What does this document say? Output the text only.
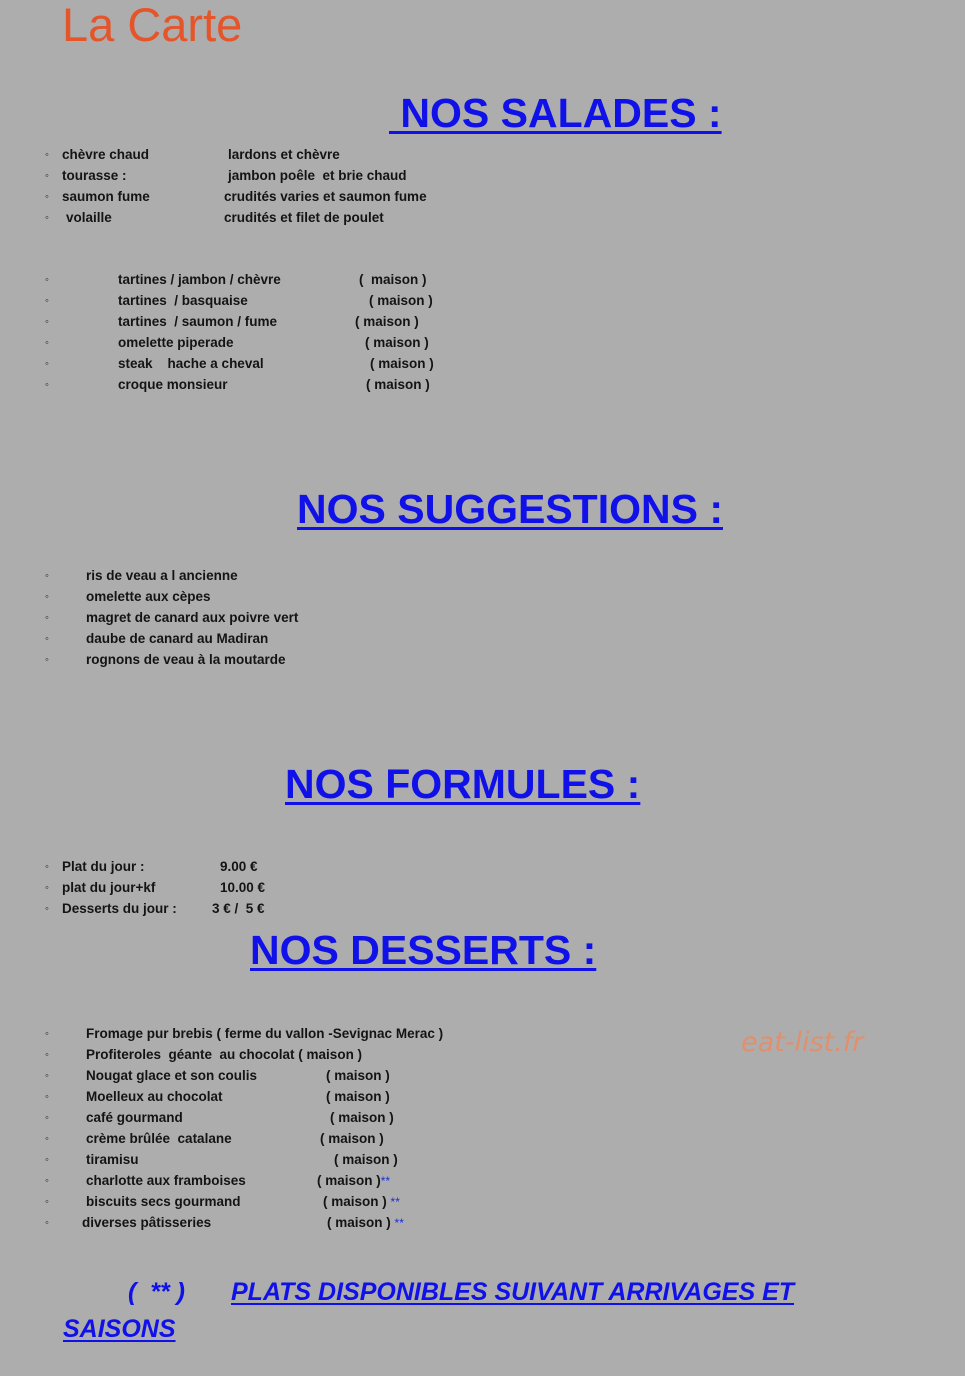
La Carte
NOS SALADES :
◦ chèvre chaud	lardons et chèvre
◦ tourasse :	jambon poêle  et brie chaud
◦ saumon fume	crudités varies et saumon fume
◦ volaille	crudités et filet de poulet
◦	tartines / jambon / chèvre	(  maison )
◦	tartines  / basquaise	( maison )
◦	tartines  / saumon / fume	( maison )
◦	omelette piperade	( maison )
◦	steak    hache a cheval	( maison )
◦	croque monsieur	( maison )
NOS SUGGESTIONS :
◦	ris de veau a l ancienne
◦	omelette aux cèpes
◦	magret de canard aux poivre vert
◦	daube de canard au Madiran
◦	rognons de veau à la moutarde
NOS FORMULES :
◦ Plat du jour :	9.00 €
◦ plat du jour+kf	10.00 €
◦ Desserts du jour :	3 € /  5 €
NOS DESSERTS :
◦	Fromage pur brebis ( ferme du vallon -Sevignac Merac )
◦	Profiteroles  géante  au chocolat ( maison )
◦	Nougat glace et son coulis	( maison )
◦	Moelleux au chocolat	( maison )
◦	café gourmand	( maison )
◦	crème brûlée  catalane	( maison )
◦	tiramisu	( maison )
◦	charlotte aux framboises	( maison )**
◦	biscuits secs gourmand	( maison ) **
◦ diverses pâtisseries	( maison ) **
eat-list.fr
(  ** ) PLATS DISPONIBLES SUIVANT ARRIVAGES ET
SAISONS
